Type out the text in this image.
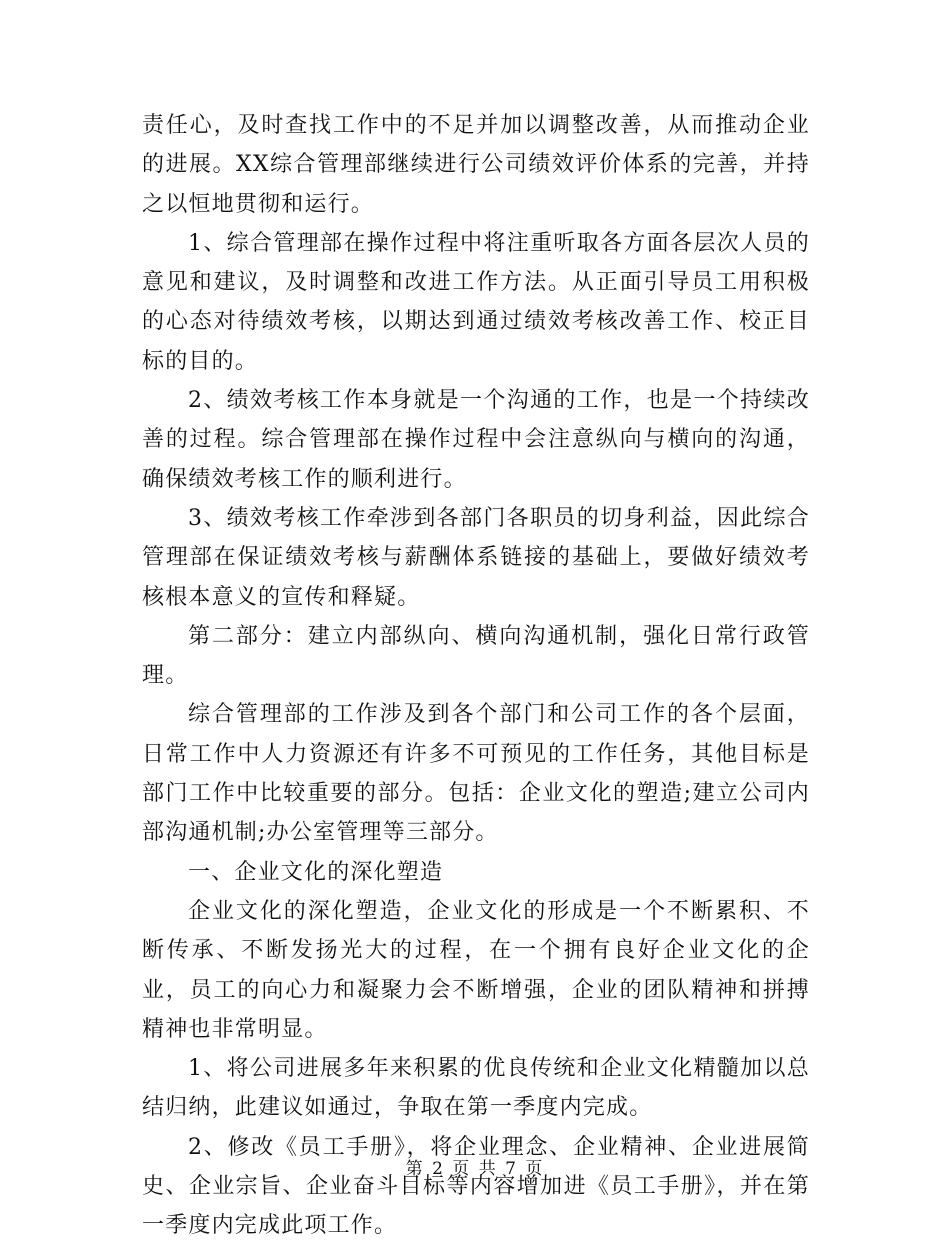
责任心，及时查找工作中的不足并加以调整改善，从而推动企业的进展。XX综合管理部继续进行公司绩效评价体系的完善，并持之以恒地贯彻和运行。

1、综合管理部在操作过程中将注重听取各方面各层次人员的意见和建议，及时调整和改进工作方法。从正面引导员工用积极的心态对待绩效考核，以期达到通过绩效考核改善工作、校正目标的目的。

2、绩效考核工作本身就是一个沟通的工作，也是一个持续改善的过程。综合管理部在操作过程中会注意纵向与横向的沟通，确保绩效考核工作的顺利进行。

3、绩效考核工作牵涉到各部门各职员的切身利益，因此综合管理部在保证绩效考核与薪酬体系链接的基础上，要做好绩效考核根本意义的宣传和释疑。

第二部分：建立内部纵向、横向沟通机制，强化日常行政管理。

综合管理部的工作涉及到各个部门和公司工作的各个层面，日常工作中人力资源还有许多不可预见的工作任务，其他目标是部门工作中比较重要的部分。包括：企业文化的塑造;建立公司内部沟通机制;办公室管理等三部分。

一、企业文化的深化塑造

企业文化的深化塑造，企业文化的形成是一个不断累积、不断传承、不断发扬光大的过程，在一个拥有良好企业文化的企业，员工的向心力和凝聚力会不断增强，企业的团队精神和拼搏精神也非常明显。

1、将公司进展多年来积累的优良传统和企业文化精髓加以总结归纳，此建议如通过，争取在第一季度内完成。

2、修改《员工手册》，将企业理念、企业精神、企业进展简史、企业宗旨、企业奋斗目标等内容增加进《员工手册》，并在第一季度内完成此项工作。

第 2 页 共 7 页
